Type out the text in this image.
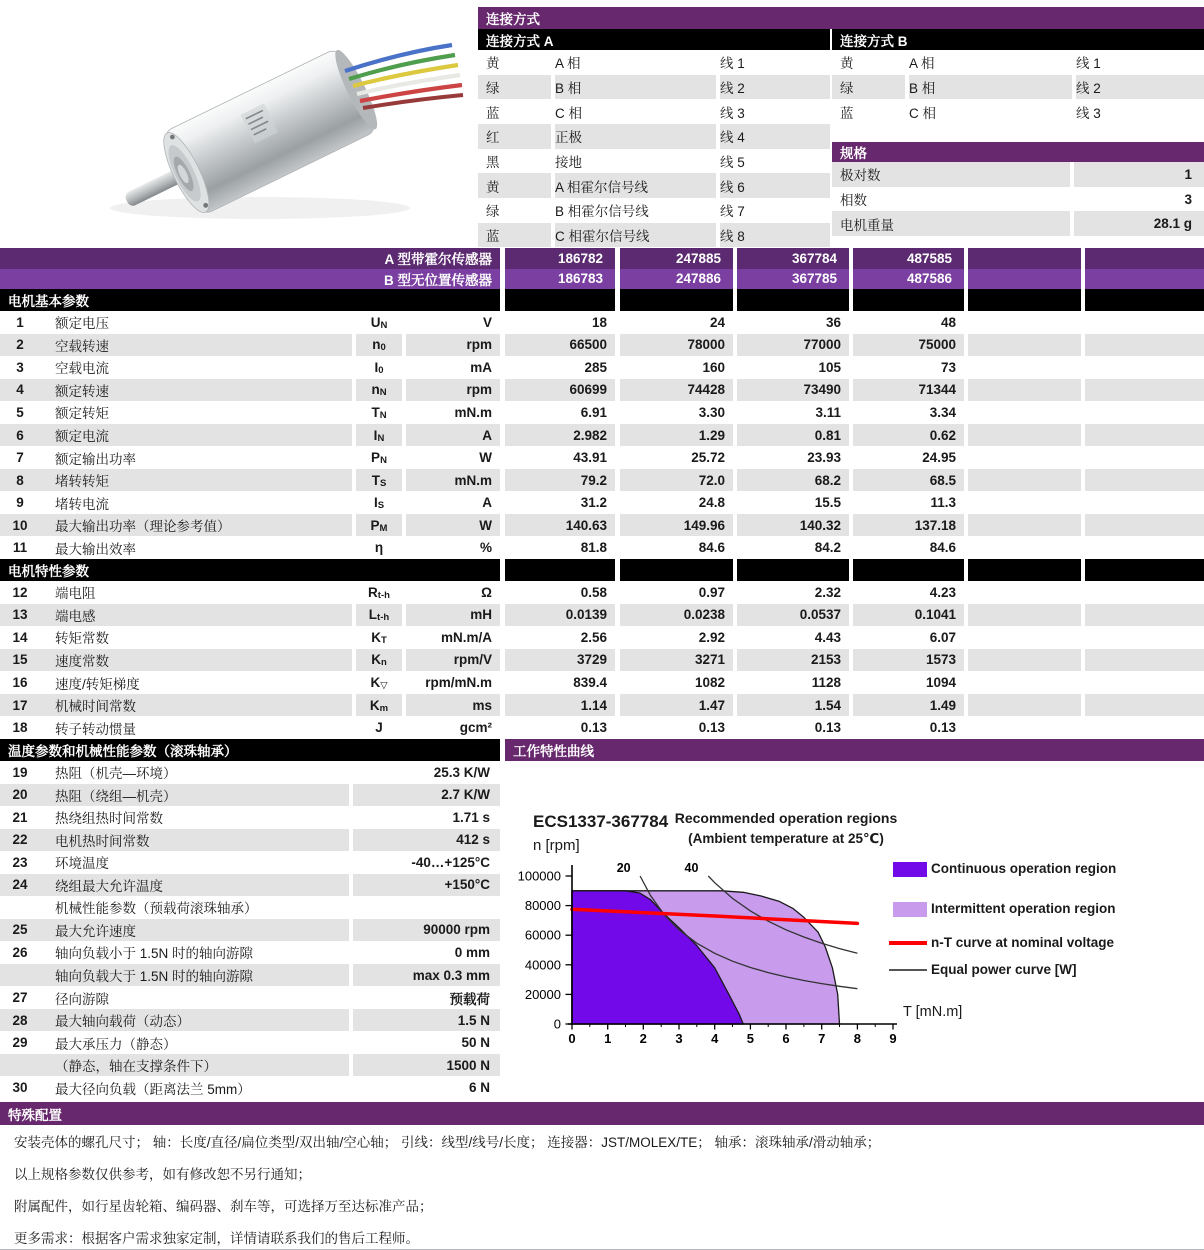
连接方式
连接方式 A	连接方式 B
黄	A 相	线 1
绿	B 相	线 2
蓝	C 相	线 3
红	正极	线 4
黑	接地	线 5
黄	A 相霍尔信号线	线 6
绿	B 相霍尔信号线	线 7
蓝	C 相霍尔信号线	线 8
黄	A 相	线 1
绿	B 相	线 2
蓝	C 相	线 3
规格
极对数	1
相数	3
电机重量	28.1 g
A 型带霍尔传感器	186782	247885	367784	487585
B 型无位置传感器	186783	247886	367785	487586
电机基本参数
电机特性参数
1	额定电压	U N	V	18	24	36	48
2	空载转速	n 0	rpm	66500	78000	77000	75000
3	空载电流	I 0	mA	285	160	105	73
4	额定转速	n N	rpm	60699	74428	73490	71344
5	额定转矩	T N	mN.m	6.91	3.30	3.11	3.34
6	额定电流	I N	A	2.982	1.29	0.81	0.62
7	额定输出功率	P N	W	43.91	25.72	23.93	24.95
8	堵转转矩	T S	mN.m	79.2	72.0	68.2	68.5
9	堵转电流	I S	A	31.2	24.8	15.5	11.3
10	最大输出功率（理论参考值）	P M	W	140.63	149.96	140.32	137.18
11	最大输出效率	η	%	81.8	84.6	84.2	84.6
12	端电阻	R t-h	Ω	0.58	0.97	2.32	4.23
13	端电感	L t-h	mH	0.0139	0.0238	0.0537	0.1041
14	转矩常数	K T	mN.m/A	2.56	2.92	4.43	6.07
15	速度常数	K n	rpm/V	3729	3271	2153	1573
16	速度/转矩梯度	K ▽	rpm/mN.m	839.4	1082	1128	1094
17	机械时间常数	K m	ms	1.14	1.47	1.54	1.49
18	转子转动惯量	J	gcm²	0.13	0.13	0.13	0.13
温度参数和机械性能参数（滚珠轴承）
19	热阻（机壳—环境）	25.3 K/W
20	热阻（绕组—机壳）	2.7 K/W
21	热绕组热时间常数	1.71 s
22	电机热时间常数	412 s
23	环境温度	-40…+125°C
24	绕组最大允许温度	+150°C
机械性能参数（预载荷滚珠轴承）
25	最大允许速度	90000 rpm
26	轴向负载小于 1.5N 时的轴向游隙	0 mm
轴向负载大于 1.5N 时的轴向游隙	max 0.3 mm
27	径向游隙	预载荷
28	最大轴向载荷（动态）	1.5 N
29	最大承压力（静态）	50 N
（静态，轴在支撑条件下）	1500 N
30	最大径向负载（距离法兰 5mm）	6 N
工作特性曲线
ECS1337-367784
n [rpm]
Recommended operation regions
(Ambient temperature at 25℃)
20	40
0
20000
40000
60000
80000
100000
0 1 2 3 4 5 6 7 8 9
Continuous operation region
Intermittent operation region
n-T curve at nominal voltage
Equal power curve [W]
T [mN.m]
特殊配置
安装壳体的螺孔尺寸； 轴：长度/直径/扁位类型/双出轴/空心轴； 引线：线型/线号/长度； 连接器：JST/MOLEX/TE； 轴承：滚珠轴承/滑动轴承；
以上规格参数仅供参考，如有修改恕不另行通知；
附属配件，如行星齿轮箱、编码器、刹车等，可选择万至达标准产品；
更多需求：根据客户需求独家定制，详情请联系我们的售后工程师。
